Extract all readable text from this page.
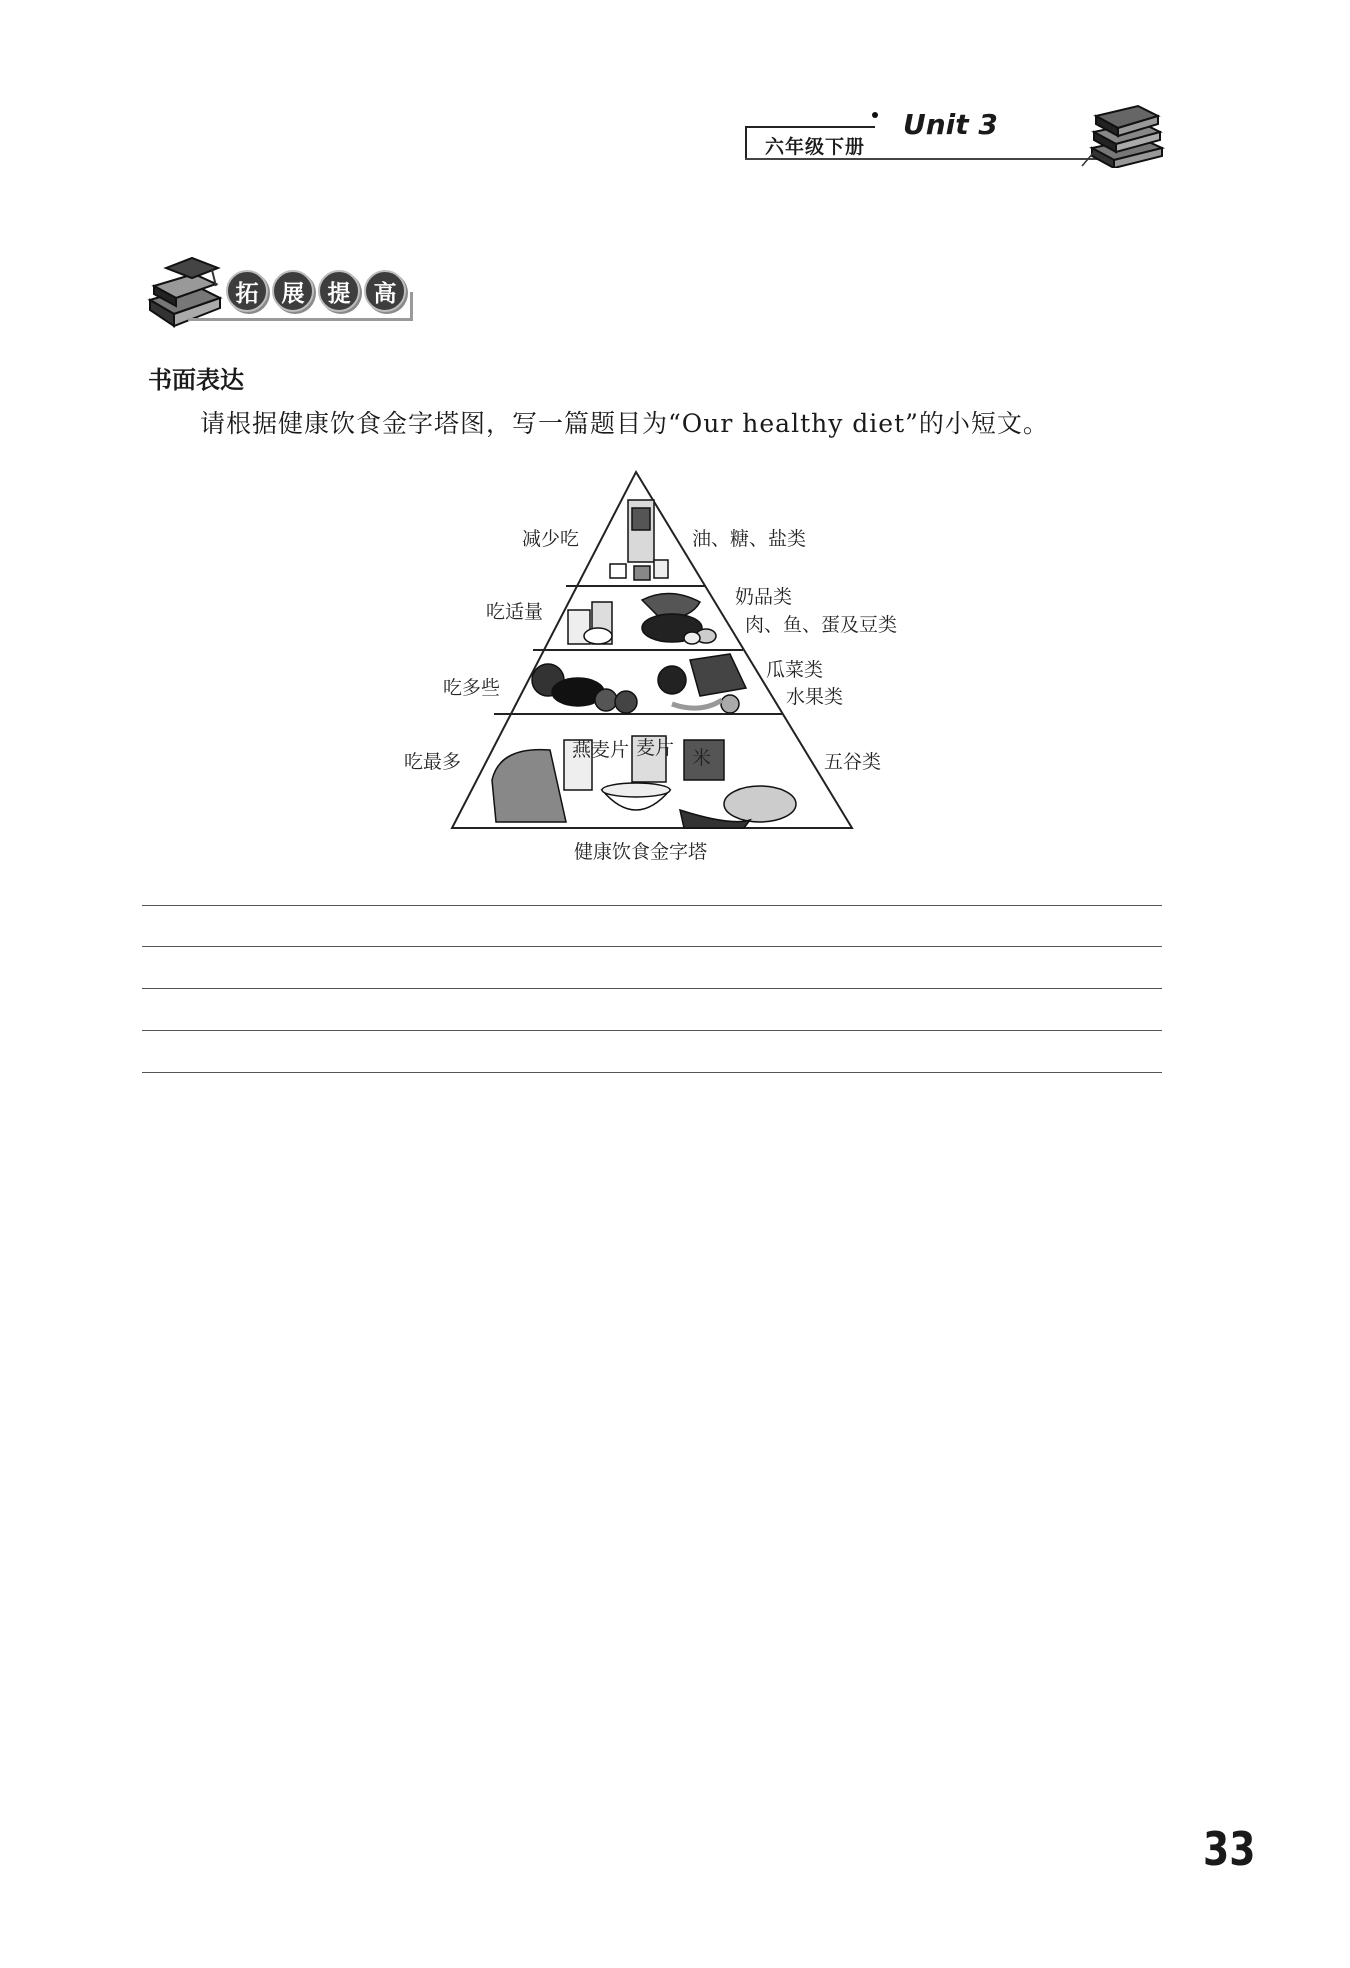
六年级下册
Unit 3
拓	展	提	高
书面表达
请根据健康饮食金字塔图，写一篇题目为“Our healthy diet”的小短文。
燕麦片 麦片 米
减少吃
吃适量
吃多些
吃最多
油、糖、盐类
奶品类
肉、鱼、蛋及豆类
瓜菜类
水果类
五谷类
健康饮食金字塔
33
